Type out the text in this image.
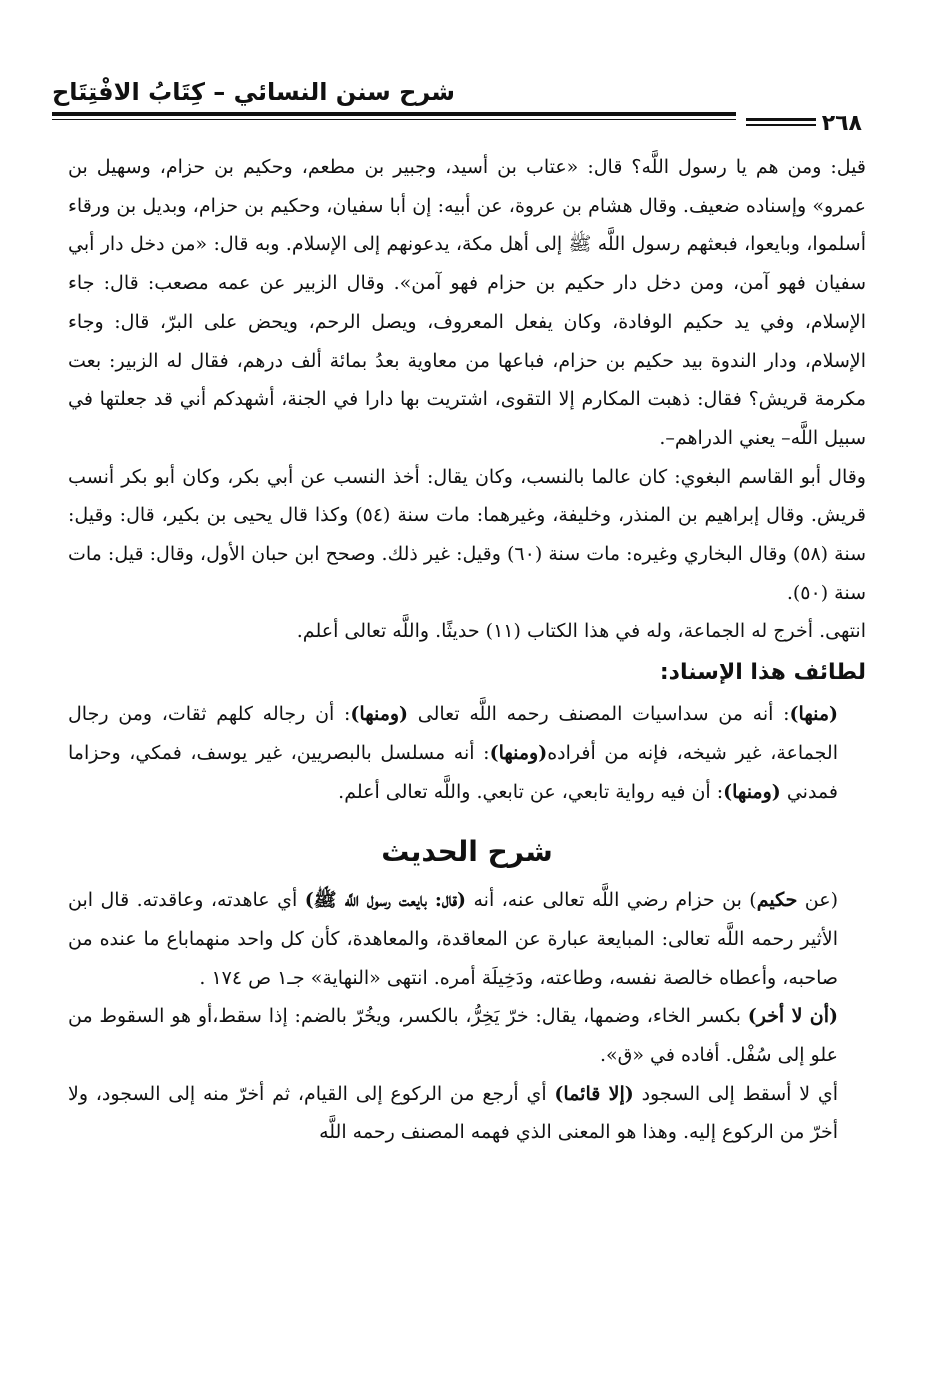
شرح سنن النسائي – كِتَابُ الافْتِتَاح
٢٦٨

قيل: ومن هم يا رسول اللَّه؟ قال: «عتاب بن أسيد، وجبير بن مطعم، وحكيم بن حزام، وسهيل بن عمرو» وإسناده ضعيف. وقال هشام بن عروة، عن أبيه: إن أبا سفيان، وحكيم بن حزام، وبديل بن ورقاء أسلموا، وبايعوا، فبعثهم رسول اللَّه ﷺ إلى أهل مكة، يدعونهم إلى الإسلام. وبه قال: «من دخل دار أبي سفيان فهو آمن، ومن دخل دار حكيم بن حزام فهو آمن». وقال الزبير عن عمه مصعب: قال: جاء الإسلام، وفي يد حكيم الوفادة، وكان يفعل المعروف، ويصل الرحم، ويحض على البرّ، قال: وجاء الإسلام، ودار الندوة بيد حكيم بن حزام، فباعها من معاوية بعدُ بمائة ألف درهم، فقال له الزبير: بعت مكرمة قريش؟ فقال: ذهبت المكارم إلا التقوى، اشتريت بها دارا في الجنة، أشهدكم أني قد جعلتها في سبيل اللَّه– يعني الدراهم–.

وقال أبو القاسم البغوي: كان عالما بالنسب، وكان يقال: أخذ النسب عن أبي بكر، وكان أبو بكر أنسب قريش. وقال إبراهيم بن المنذر، وخليفة، وغيرهما: مات سنة (٥٤) وكذا قال يحيى بن بكير، قال: وقيل: سنة (٥٨) وقال البخاري وغيره: مات سنة (٦٠) وقيل: غير ذلك. وصحح ابن حبان الأول، وقال: قيل: مات سنة (٥٠).

انتهى. أخرج له الجماعة، وله في هذا الكتاب (١١) حديثًا. واللَّه تعالى أعلم.

لطائف هذا الإسناد:

(منها): أنه من سداسيات المصنف رحمه اللَّه تعالى (ومنها): أن رجاله كلهم ثقات، ومن رجال الجماعة، غير شيخه، فإنه من أفراده(ومنها): أنه مسلسل بالبصريين، غير يوسف، فمكي، وحزاما فمدني (ومنها): أن فيه رواية تابعي، عن تابعي. واللَّه تعالى أعلم.

شرح الحديث

(عن حكيم) بن حزام رضي اللَّه تعالى عنه، أنه (قال: بايعت رسول اللَّه ﷺ) أي عاهدته، وعاقدته. قال ابن الأثير رحمه اللَّه تعالى: المبايعة عبارة عن المعاقدة، والمعاهدة، كأن كل واحد منهماباع ما عنده من صاحبه، وأعطاه خالصة نفسه، وطاعته، ودَخِيلَة أمره. انتهى «النهاية» جـ١ ص ١٧٤ .

(أن لا أخر) بكسر الخاء، وضمها، يقال: خرّ يَخِرُّ، بالكسر، ويخُرّ بالضم: إذا سقط،أو هو السقوط من علو إلى سُفْل. أفاده في «ق».

أي لا أسقط إلى السجود (إلا قائما) أي أرجع من الركوع إلى القيام، ثم أخرّ منه إلى السجود، ولا أخرّ من الركوع إليه. وهذا هو المعنى الذي فهمه المصنف رحمه اللَّه
